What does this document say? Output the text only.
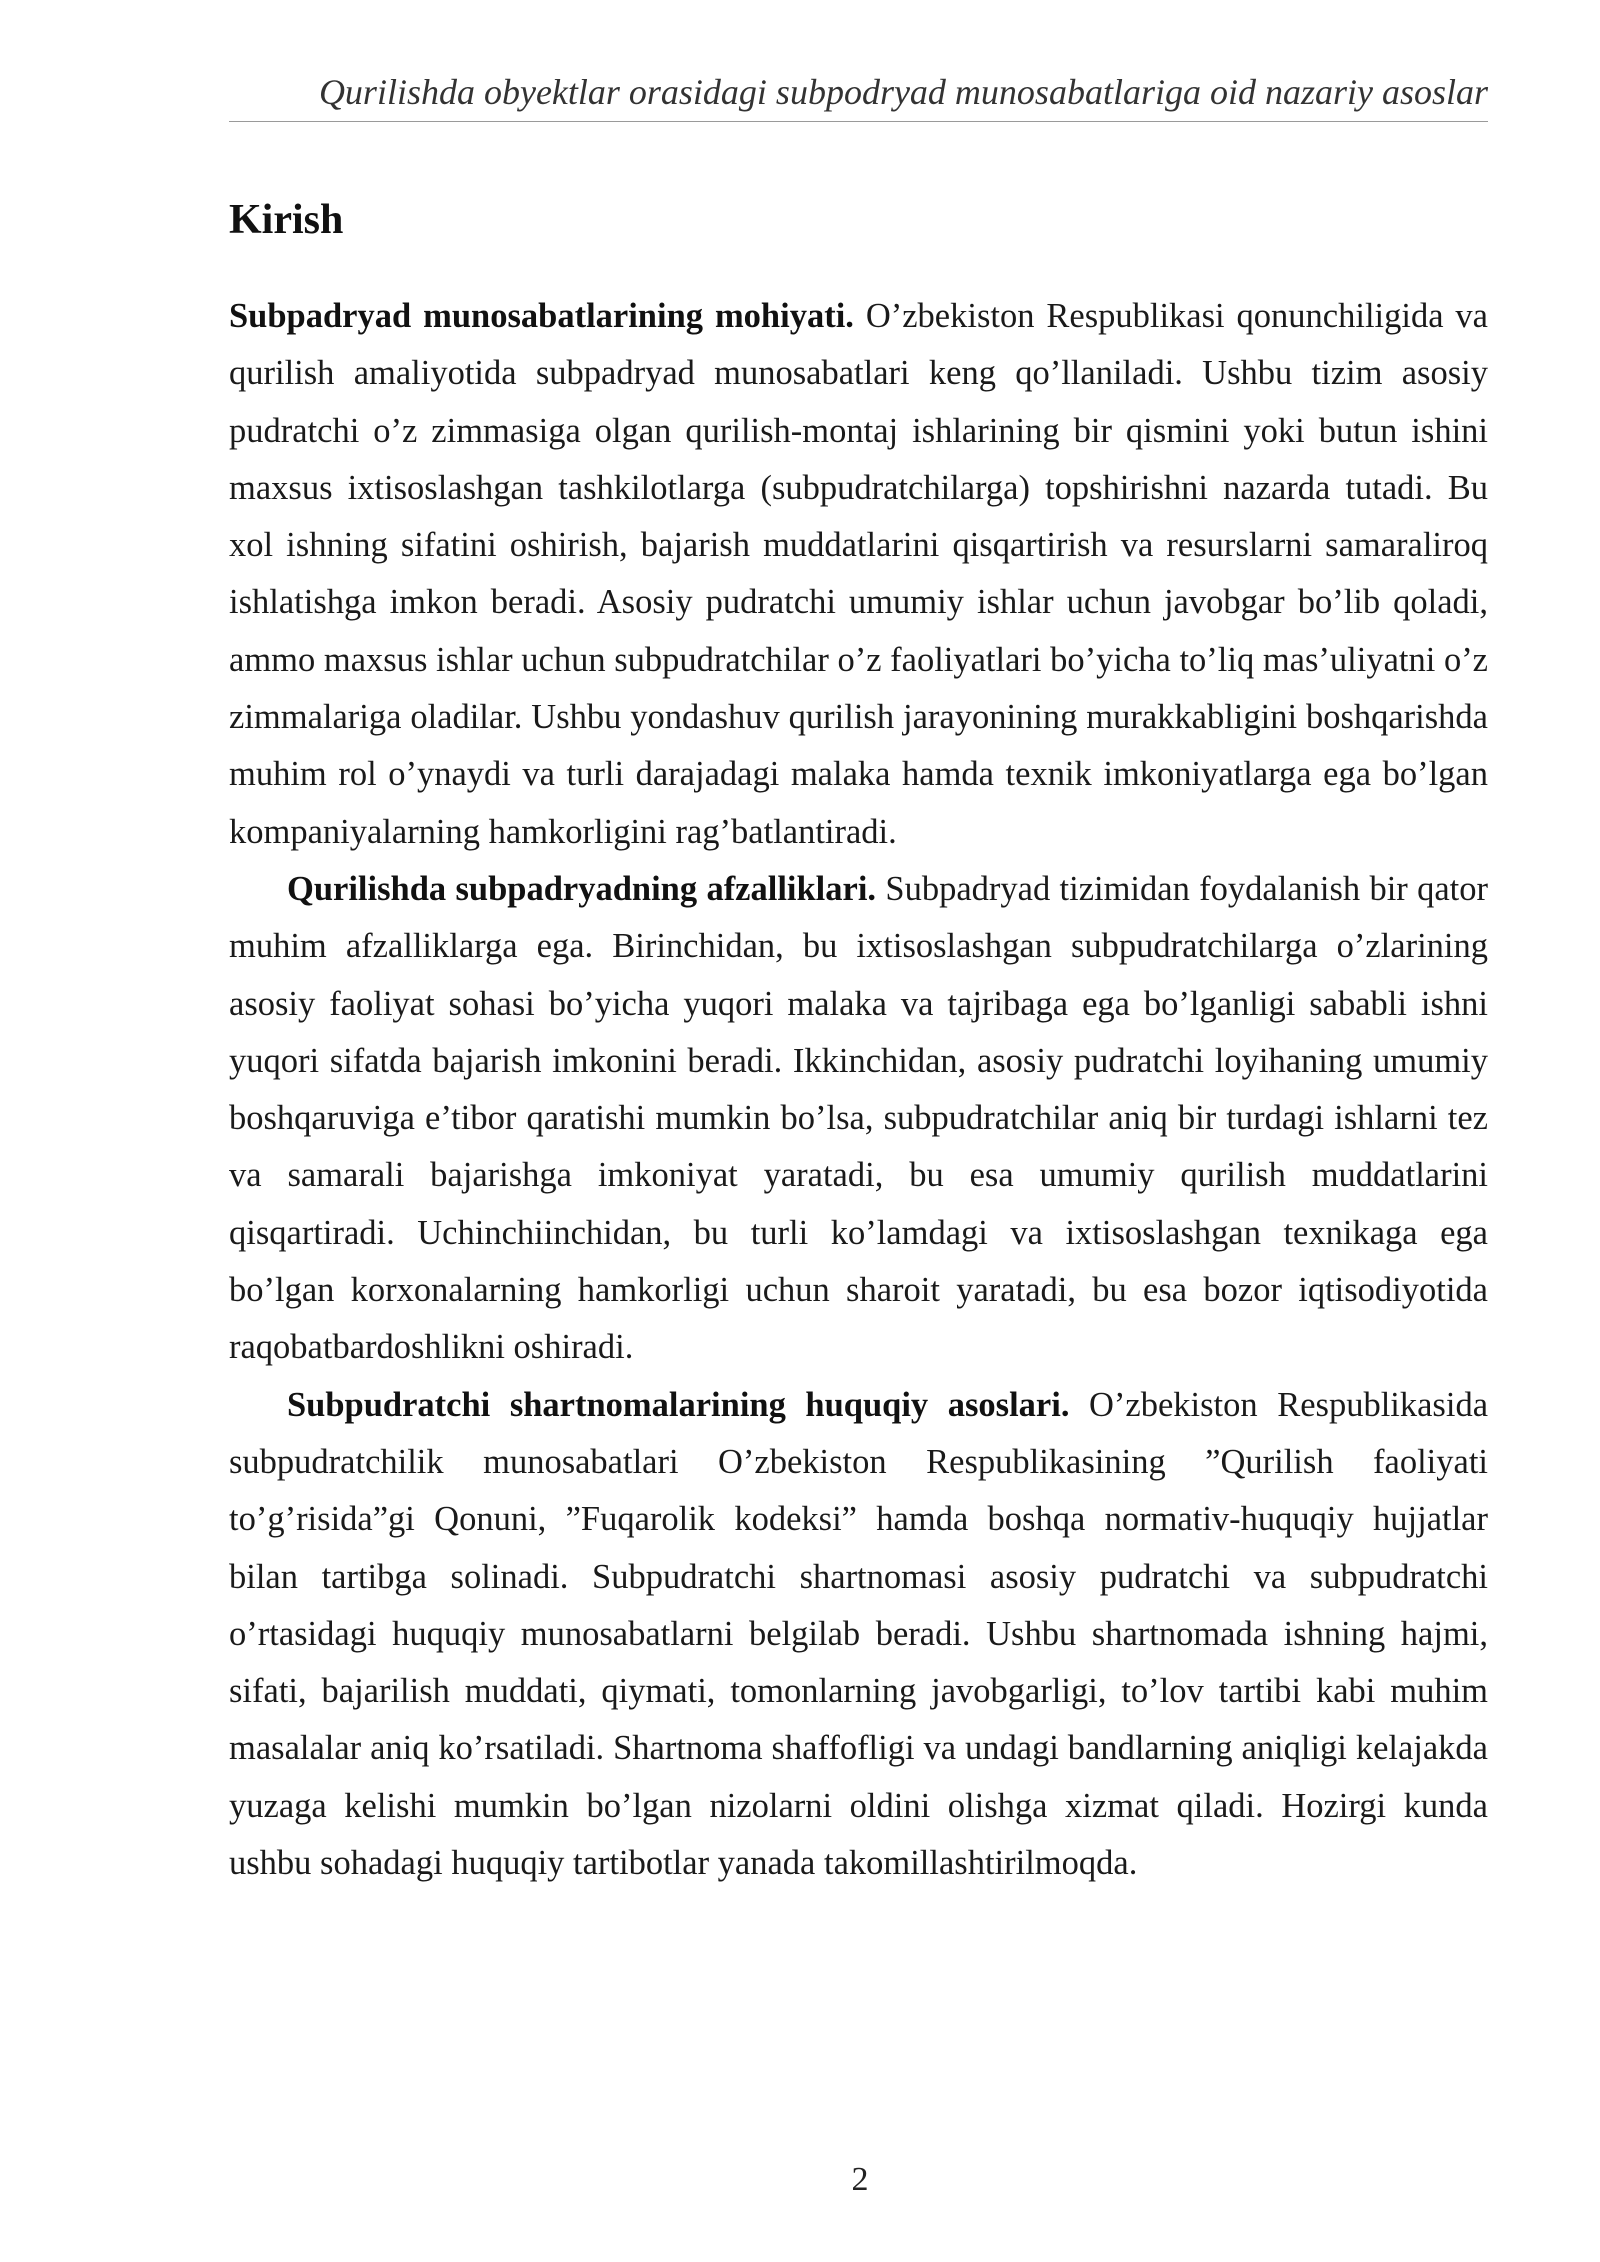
Qurilishda obyektlar orasidagi subpodryad munosabatlariga oid nazariy asoslar
Kirish

Subpadryad munosabatlarining mohiyati. O’zbekiston Respublikasi qonunchiligida va qurilish amaliyotida subpadryad munosabatlari keng qo’llaniladi. Ushbu tizim asosiy pudratchi o’z zimmasiga olgan qurilish-montaj ishlarining bir qismini yoki butun ishini maxsus ixtisoslashgan tashkilotlarga (subpudratchilarga) topshirishni nazarda tutadi. Bu xol ishning sifatini oshirish, bajarish muddatlarini qisqartirish va resurslarni samaraliroq ishlatishga imkon beradi. Asosiy pudratchi umumiy ishlar uchun javobgar bo’lib qoladi, ammo maxsus ishlar uchun subpudratchilar o’z faoliyatlari bo’yicha to’liq mas’uliyatni o’z zimmalariga oladilar. Ushbu yondashuv qurilish jarayonining murakkabligini boshqarishda muhim rol o’ynaydi va turli darajadagi malaka hamda texnik imkoniyatlarga ega bo’lgan kompaniyalarning hamkorligini rag’batlantiradi.

Qurilishda subpadryadning afzalliklari. Subpadryad tizimidan foydalanish bir qator muhim afzalliklarga ega. Birinchidan, bu ixtisoslashgan subpudratchilarga o’zlarining asosiy faoliyat sohasi bo’yicha yuqori malaka va tajribaga ega bo’lganligi sababli ishni yuqori sifatda bajarish imkonini beradi. Ikkinchidan, asosiy pudratchi loyihaning umumiy boshqaruviga e’tibor qaratishi mumkin bo’lsa, subpudratchilar aniq bir turdagi ishlarni tez va samarali bajarishga imkoniyat yaratadi, bu esa umumiy qurilish muddatlarini qisqartiradi. Uchinchiinchidan, bu turli ko’lamdagi va ixtisoslashgan texnikaga ega bo’lgan korxonalarning hamkorligi uchun sharoit yaratadi, bu esa bozor iqtisodiyotida raqobatbardoshlikni oshiradi.

Subpudratchi shartnomalarining huquqiy asoslari. O’zbekiston Respublikasida subpudratchilik munosabatlari O’zbekiston Respublikasining ”Qurilish faoliyati to’g’risida”gi Qonuni, ”Fuqarolik kodeksi” hamda boshqa normativ-huquqiy hujjatlar bilan tartibga solinadi. Subpudratchi shartnomasi asosiy pudratchi va subpudratchi o’rtasidagi huquqiy munosabatlarni belgilab beradi. Ushbu shartnomada ishning hajmi, sifati, bajarilish muddati, qiymati, tomonlarning javobgarligi, to’lov tartibi kabi muhim masalalar aniq ko’rsatiladi. Shartnoma shaffofligi va undagi bandlarning aniqligi kelajakda yuzaga kelishi mumkin bo’lgan nizolarni oldini olishga xizmat qiladi. Hozirgi kunda ushbu sohadagi huquqiy tartibotlar yanada takomillashtirilmoqda.

2
